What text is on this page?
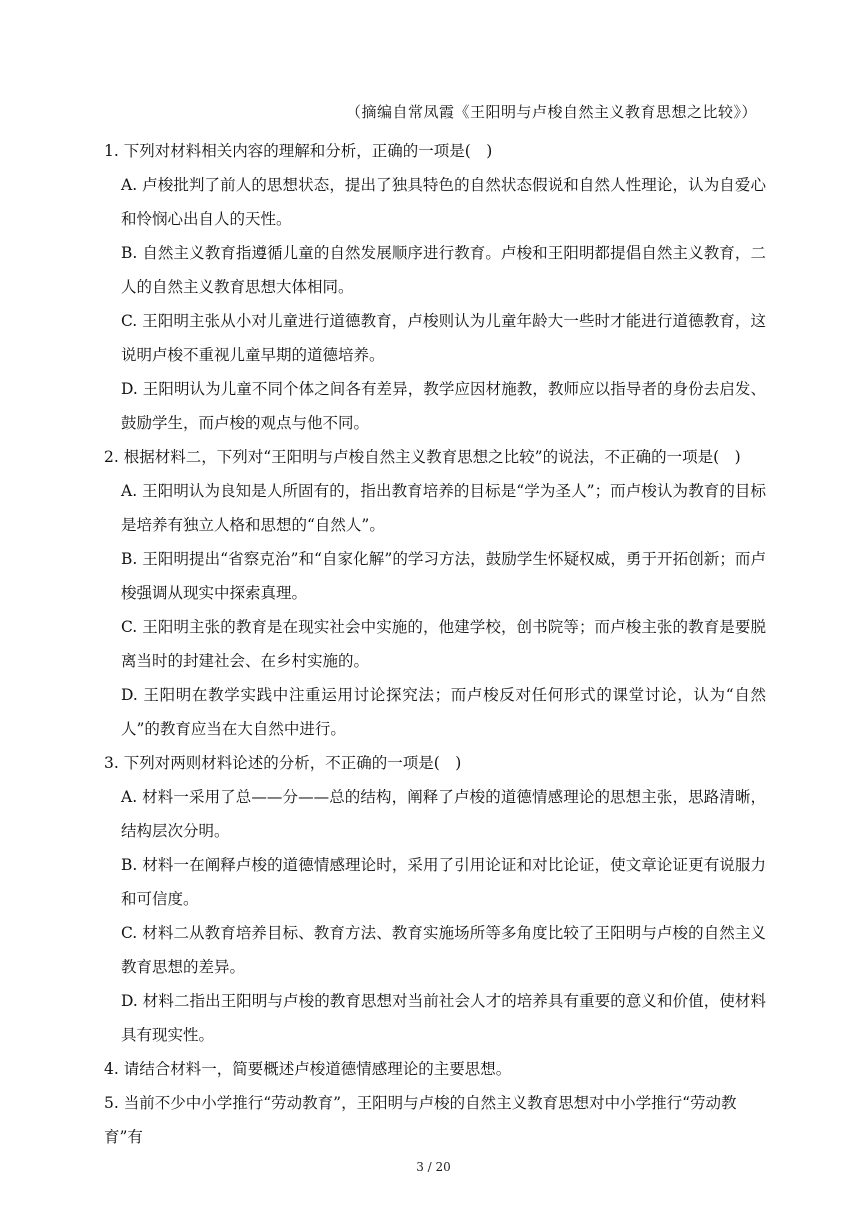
（摘编自常凤霞《王阳明与卢梭自然主义教育思想之比较》）

1. 下列对材料相关内容的理解和分析，正确的一项是(　)

A. 卢梭批判了前人的思想状态，提出了独具特色的自然状态假说和自然人性理论，认为自爱心和怜悯心出自人的天性。

B. 自然主义教育指遵循儿童的自然发展顺序进行教育。卢梭和王阳明都提倡自然主义教育，二人的自然主义教育思想大体相同。

C. 王阳明主张从小对儿童进行道德教育，卢梭则认为儿童年龄大一些时才能进行道德教育，这说明卢梭不重视儿童早期的道德培养。

D. 王阳明认为儿童不同个体之间各有差异，教学应因材施教，教师应以指导者的身份去启发、鼓励学生，而卢梭的观点与他不同。

2. 根据材料二，下列对“王阳明与卢梭自然主义教育思想之比较”的说法，不正确的一项是(　)

A. 王阳明认为良知是人所固有的，指出教育培养的目标是“学为圣人”；而卢梭认为教育的目标是培养有独立人格和思想的“自然人”。

B. 王阳明提出“省察克治”和“自家化解”的学习方法，鼓励学生怀疑权威，勇于开拓创新；而卢梭强调从现实中探索真理。

C. 王阳明主张的教育是在现实社会中实施的，他建学校，创书院等；而卢梭主张的教育是要脱离当时的封建社会、在乡村实施的。

D. 王阳明在教学实践中注重运用讨论探究法；而卢梭反对任何形式的课堂讨论，认为“自然人”的教育应当在大自然中进行。

3. 下列对两则材料论述的分析，不正确的一项是(　)

A. 材料一采用了总——分——总的结构，阐释了卢梭的道德情感理论的思想主张，思路清晰，结构层次分明。

B. 材料一在阐释卢梭的道德情感理论时，采用了引用论证和对比论证，使文章论证更有说服力和可信度。

C. 材料二从教育培养目标、教育方法、教育实施场所等多角度比较了王阳明与卢梭的自然主义教育思想的差异。

D. 材料二指出王阳明与卢梭的教育思想对当前社会人才的培养具有重要的意义和价值，使材料具有现实性。

4. 请结合材料一，简要概述卢梭道德情感理论的主要思想。

5. 当前不少中小学推行“劳动教育”，王阳明与卢梭的自然主义教育思想对中小学推行“劳动教育”有

3 / 20
